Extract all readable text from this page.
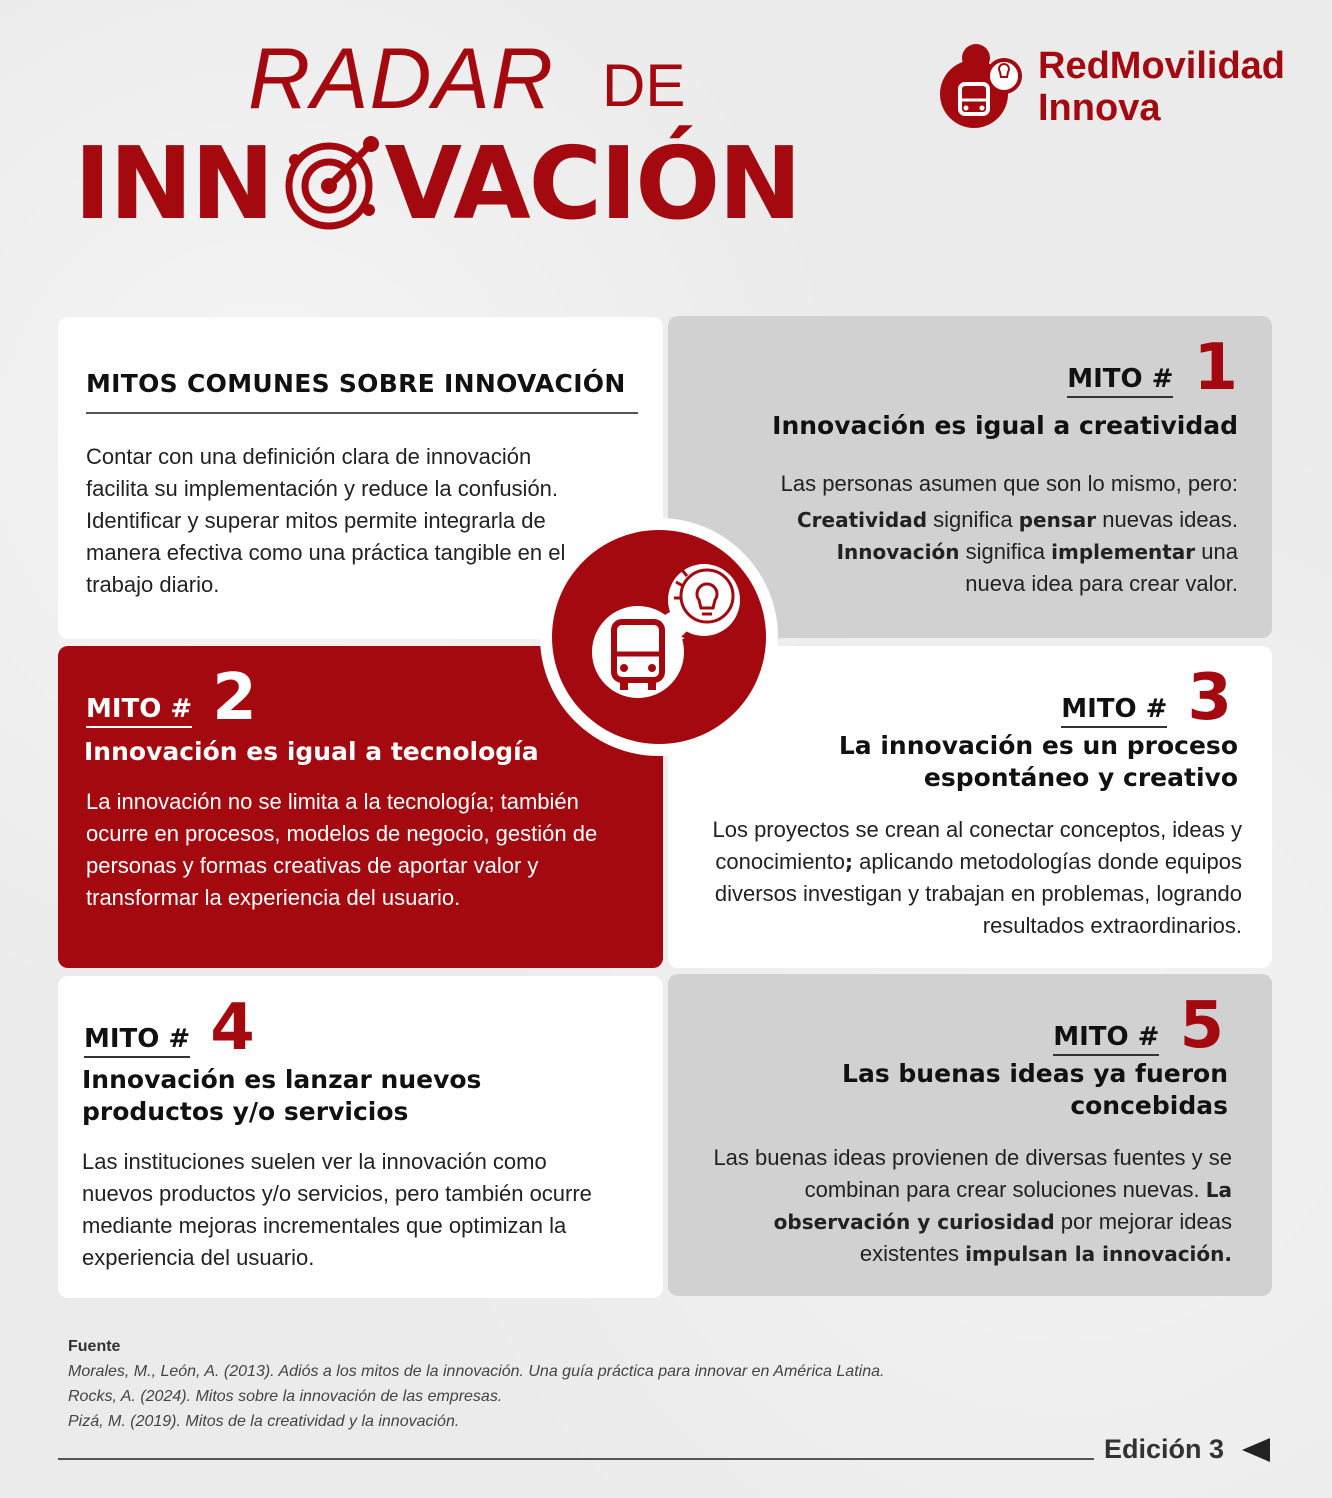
RADAR DE
INN VACIÓN
RedMovilidad
Innova
MITOS COMUNES SOBRE INNOVACIÓN
Contar con una definición clara de innovación facilita su implementación y reduce la confusión. Identificar y superar mitos permite integrarla de manera efectiva como una práctica tangible en el trabajo diario.
MITO # 1
Innovación es igual a creatividad
Las personas asumen que son lo mismo, pero:
Creatividad significa pensar nuevas ideas.
Innovación significa implementar una nueva idea para crear valor.
MITO # 2
Innovación es igual a tecnología
La innovación no se limita a la tecnología; también ocurre en procesos, modelos de negocio, gestión de personas y formas creativas de aportar valor y transformar la experiencia del usuario.
MITO # 3
La innovación es un proceso
espontáneo y creativo
Los proyectos se crean al conectar conceptos, ideas y conocimiento; aplicando metodologías donde equipos diversos investigan y trabajan en problemas, logrando resultados extraordinarios.
MITO # 4
Innovación es lanzar nuevos
productos y/o servicios
Las instituciones suelen ver la innovación como nuevos productos y/o servicios, pero también ocurre mediante mejoras incrementales que optimizan la experiencia del usuario.
MITO # 5
Las buenas ideas ya fueron
concebidas
Las buenas ideas provienen de diversas fuentes y se combinan para crear soluciones nuevas. La observación y curiosidad por mejorar ideas existentes impulsan la innovación.
Fuente
Morales, M., León, A. (2013). Adiós a los mitos de la innovación. Una guía práctica para innovar en América Latina.
Rocks, A. (2024). Mitos sobre la innovación de las empresas.
Pizá, M. (2019). Mitos de la creatividad y la innovación.
Edición 3
